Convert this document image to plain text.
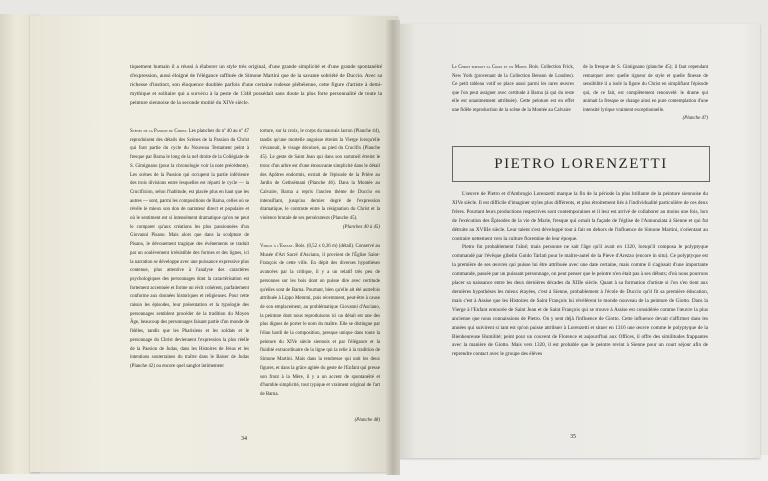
tiquement humain il a réussi à élaborer un style très original, d'une grande simplicité et d'une grande spontanéité d'expression, aussi éloigné de l'élégance raffinée de Simone Martini que de la savante sobriété de Duccio. Avec sa richesse d'instinct, son éloquence doublée parfois d'une certaine rudesse plébéienne, cette figure d'artiste à demi-mythique et solitaire qui a survécu à la peste de 1348 possédait sans doute la plus forte personnalité de toute la peinture siennoise de la seconde moitié du XIVe siècle.

Scènes de la Passion du Christ. Les planches du nº 40 au nº 47 reproduisent des détails des Scènes de la Passion du Christ qui font partie du cycle du Nouveau Testament peint à fresque par Barna le long de la nef droite de la Collégiale de S. Gimignano (pour la chronologie voir la note précédente). Les scènes de la Passion qui occupent la partie inférieure des trois divisions entre lesquelles est réparti le cycle — la Crucifixion, selon l'habitude, est placée plus en haut que les autres — sont, parmi les compositions de Barna, celles où se révèle le mieux son don de narrateur direct et populaire et où le sentiment est si intensément dramatique qu'on ne peut le comparer qu'aux créations les plus passionnées d'un Giovanni Pisano. Mais alors que dans la sculpture de Pisano, le dévouement tragique des événements se traduit par un soulèvement irrésistible des formes et des lignes, ici la narration se développe avec une puissance expressive plus contenue, plus attentive à l'analyse des caractères psychologiques des personnages dont la caractérisation est fortement accentuée et forme un récit cohérent, parfaitement conforme aux données historiques et religieuses. Pour cette raison les épisodes, leur présentation et la typologie des personnages semblent procéder de la tradition du Moyen Âge, beaucoup des personnages faisant partie d'un monde de fidèles, tandis que les Pharisiens et les soldats et le personnage du Christ deviennent l'expression la plus réelle de la Passion de Judas, dans les Histoires de Jésus et les intentions souterraines du traître dans le Baiser de Judas (Planche 42) ou encore quel sanglot intimement

torture, sur la croix, le corps du mauvais larron (Planche 44), tandis qu'une mortelle angoisse étreint la Vierge lorsqu'elle s'évanouit, le visage décoloré, au pied du Crucifix (Planche 45). Le geste de Saint Jean qui dans son sommeil étreint le tronc d'un arbre est d'une émouvante simplicité dans le détail des Apôtres endormis, extrait de l'épisode de la Prière au Jardin de Gethsémani (Planche 46). Dans la Montée au Calvaire, Barna a repris l'ancien thème de Duccio en intensifiant, jusqu'au dernier degré de l'expression dramatique, le contraste entre la résignation du Christ et la violence brutale de ses persécuteurs (Planche 45).

(Planches 40 à 45)

Vierge à l'Enfant. Bois. (0,52 x 0,36 m) (détail). Conservé au Musée d'Art Sacré d'Asciano, il provient de l'Église Saint-François de cette ville. En dépit des diverses hypothèses avancées par la critique, il y a un relatif très peu de personnes sur les bois dont on puisse dire avec certitude qu'elles sont de Barna. Pourtant, bien qu'elle ait été autrefois attribuée à Lippo Memmi, puis récemment, peut-être à cause de son emplacement, au problématique Giovanni d'Asciano, la peinture dont nous reproduisons ici un détail est une des plus dignes de porter le nom du maître. Elle se distingue par l'élan hardi de la composition, presque unique dans toute la peinture du XIVe siècle siennois et par l'élégance et la fluidité extraordinaire de la ligne qui la relie à la tradition de Simone Martini. Mais dans la tendresse qui unit les deux figures, et dans la grâce agitée du geste de l'Enfant qui presse son front à la Mère, il y a un accent de spontanéité et d'humble simplicité, tout typique et vraiment original de l'art de Barna.

(Planche 48)
34

Le Christ portant sa Croix et un Moine. Bois. Collection Frick, New York (provenant de la Collection Benson de Londres). Ce petit tableau votif se place aussi parmi les rares œuvres que l'on peut assigner avec certitude à Barna (à qui du reste elle est unanimement attribuée). Cette peinture est en effet une fidèle reproduction de la scène de la Montée au Calvaire

de la fresque de S. Gimignano (planche 45); il faut cependant remarquer avec quelle rigueur de style et quelle finesse de sensibilité il a isolé la figure du Christ en simplifiant l'épisode qui, de ce fait, est complètement renouvelé: le drame qui animait la fresque se change ainsi en pure contemplation d'une intensité lyrique vraiment exceptionnelle.

(Planche 47)

PIETRO LORENZETTI

L'œuvre de Pietro et d'Ambrogio Lorenzetti marque la fin de la période la plus brillante de la peinture siennoise du XIVe siècle. Il est difficile d'imaginer styles plus différents, et plus étroitement liés à l'individualité particulière de ces deux frères. Pourtant leurs productions respectives sont contemporaines et il leur est arrivé de collaborer au moins une fois, lors de l'exécution des Épisodes de la vie de Marie, fresque qui ornait la façade de l'église de l'Annunziata à Sienne et qui fut détruite au XVIIIe siècle. Leur talent s'est développé tout à fait en dehors de l'influence de Simone Martini, s'orientant au contraire nettement vers la culture florentine de leur époque.

Pietro fut probablement l'aîné; mais personne ne sait l'âge qu'il avait en 1320, lorsqu'il composa le polyptyque commandé par l'évêque gibelin Guido Tarlati pour le maître-autel de la Pieve d'Arezzo (encore in situ). Ce polyptyque est la première de ses œuvres qui puisse lui être attribuée avec une date certaine, mais comme il s'agissait d'une importante commande, passée par un puissant personnage, on peut penser que le peintre n'en était pas à ses débuts; d'où nous pourrons placer sa naissance entre les deux dernières décades du XIIIe siècle. Quant à sa formation d'artiste si l'on s'en tient aux dernières hypothèses les mieux étayées, c'est à Sienne, probablement à l'école de Duccio qu'il fit sa première éducation, mais c'est à Assise que les Histoires de Saint François lui révélèrent le monde nouveau de la peinture de Giotto. Dans la Vierge à l'Enfant entourée de Saint Jean et de Saint François qui se trouve à Assise est considérée comme l'œuvre la plus ancienne que nous connaissions de Pietro. On y sent déjà l'influence de Giotto. Cette influence devait s'affirmer dans les années qui suivirent si tant est qu'on puisse attribuer à Lorenzetti et situer en 1316 une œuvre comme le polyptyque de la Bienheureuse Humilité; peint pour un couvent de Florence et aujourd'hui aux Offices, il offre des similitudes frappantes avec la manière de Giotto. Mais vers 1320, il est probable que le peintre revint à Sienne pour un court séjour afin de reprendre contact avec le groupe des élèves

35
